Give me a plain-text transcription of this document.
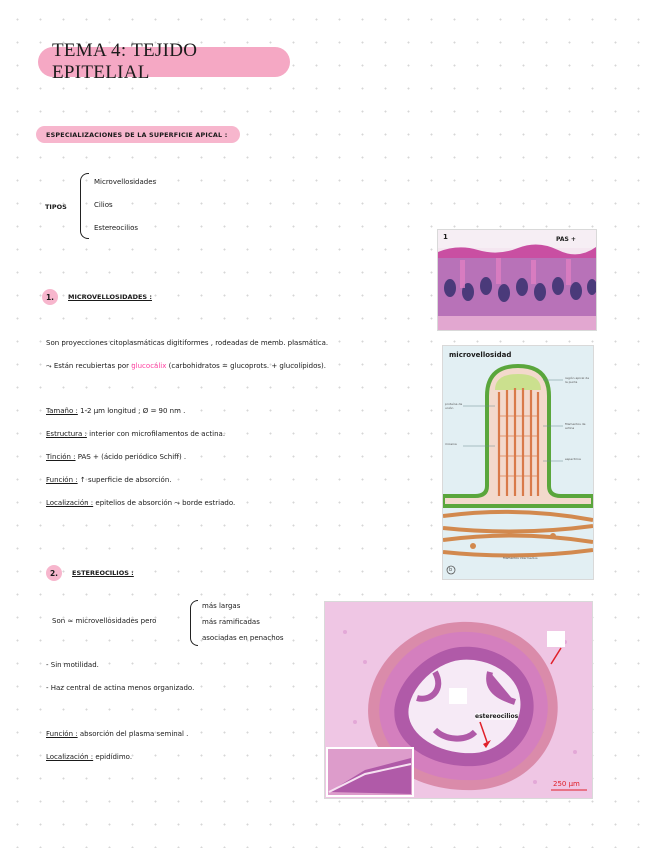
TEMA 4: TEJIDO EPITELIAL
ESPECIALIZACIONES DE LA SUPERFICIE APICAL :
TIPOS
Microvellosidades
Cilios
Estereocilios
1. MICROVELLOSIDADES :
Son proyecciones citoplasmáticas digitiformes , rodeadas de memb. plasmática.
⤳ Están recubiertas por glucocálix (carbohidratos = glucoprots. + glucolípidos).
Tamaño : 1-2 μm longitud ; Ø = 90 nm .
Estructura : interior con microfilamentos de actina.
Tinción : PAS + (ácido periódico Schiff) .
Función : ↑ superficie de absorción.
Localización : epitelios de absorción ⤳ borde estriado.
2. ESTEREOCILIOS :
Son ≈ microvellosidades pero
más largas
más ramificadas
asociadas en penachos
- Sin motilidad.
- Haz central de actina menos organizado.
Función : absorción del plasma seminal .
Localización : epidídimo.
1	PAS +
microvellosidad
región apical de la punta
filamentos de actina
espectrina
proteína de unión
miosina
filamentos intermedios
b
estereocilios
250 μm
